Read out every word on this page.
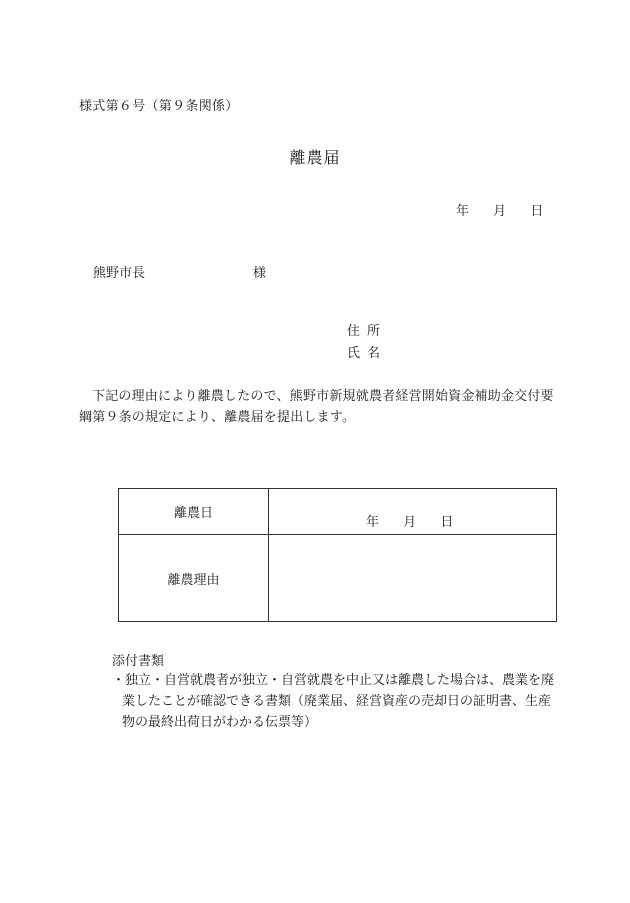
様式第６号（第９条関係）
離農届
年 月 日
熊野市長	様
住所
氏名
下記の理由により離農したので、熊野市新規就農者経営開始資金補助金交付要綱第９条の規定により、離農届を提出します。
離農日	年 月 日

離農理由	
添付書類
・独立・自営就農者が独立・自営就農を中止又は離農した場合は、農業を廃業したことが確認できる書類（廃業届、経営資産の売却日の証明書、生産物の最終出荷日がわかる伝票等）
